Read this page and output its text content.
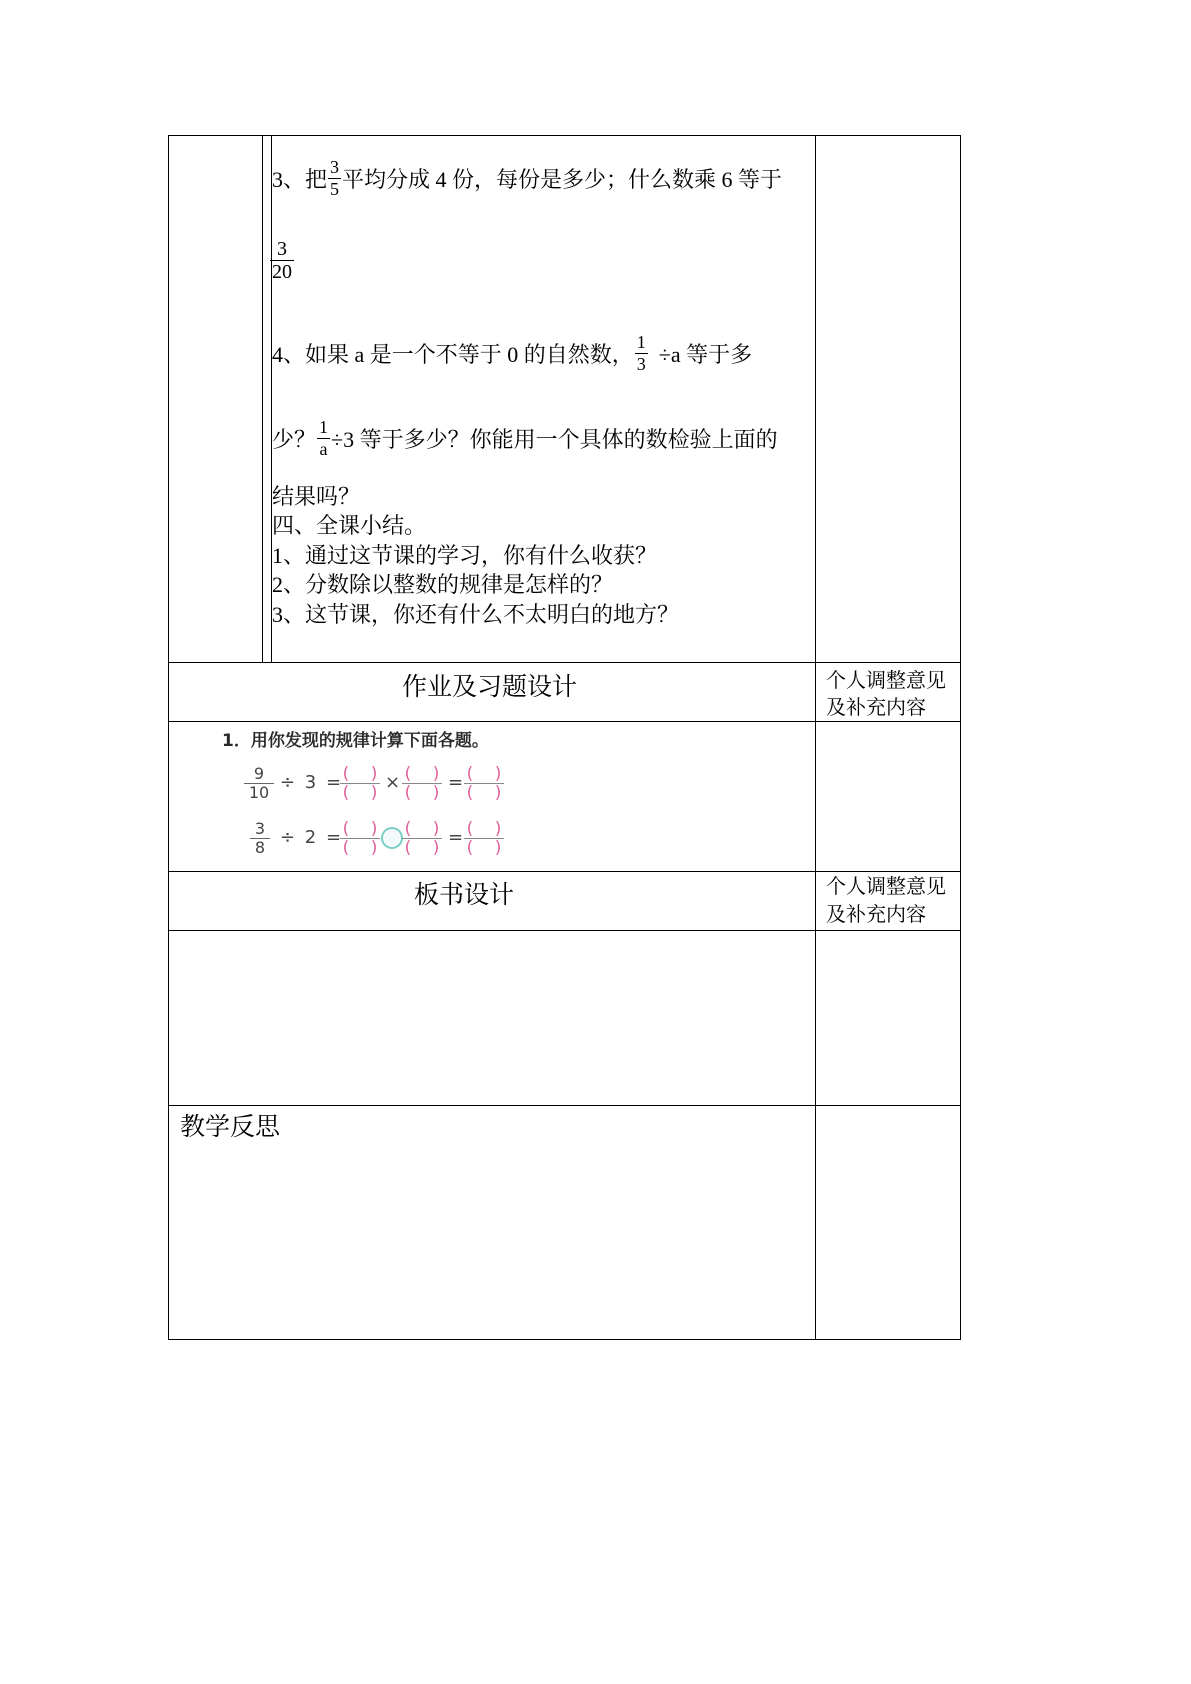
3、把 $\frac{3}{5}$ 平均分成 4 份，每份是多少；什么数乘 6 等于
$\frac{3}{20}$
4、如果 a 是一个不等于 0 的自然数， $\frac{1}{3} \div a$ 等于多
少？ $\frac{1}{a} \div 3$ 等于多少？你能用一个具体的数检验上面的
结果吗？
四、全课小结。
1、通过这节课的学习，你有什么收获？
2、分数除以整数的规律是怎样的？
3、这节课，你还有什么不太明白的地方？
作业及习题设计	个人调整意见
及补充内容
1．用你发现的规律计算下面各题。
$\frac{9}{10} \div 3$ = ( )
( ) × ( )
( ) = ( )
( )
$\frac{3}{8} \div 2$ = ( )
( )
( )
( ) = ( )
( )
板书设计	个人调整意见
及补充内容
教学反思
